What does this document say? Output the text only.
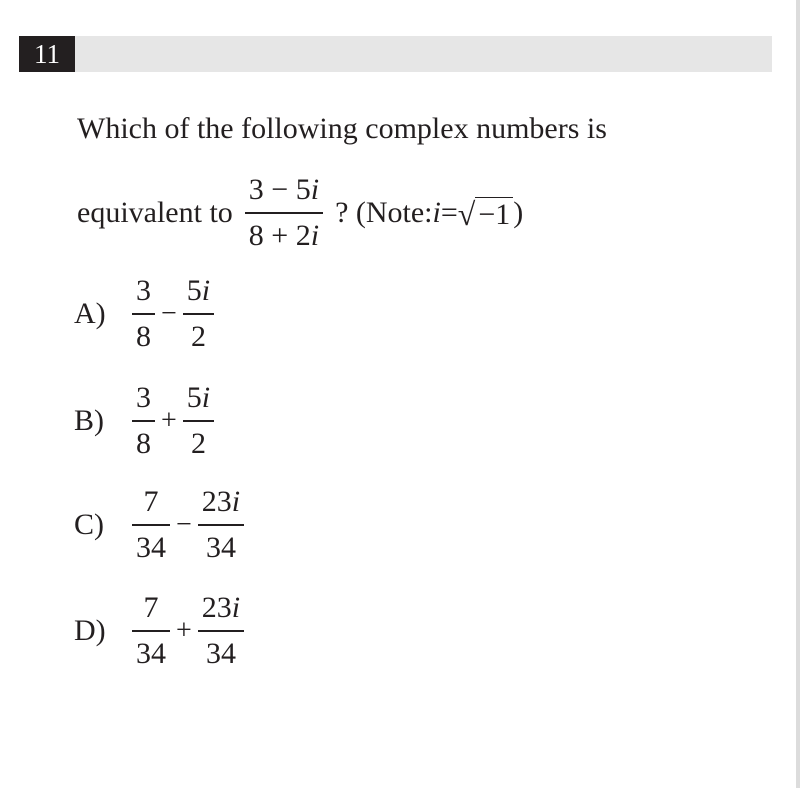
11
Which of the following complex numbers is
equivalent to $\frac{3 - 5i}{8 + 2i}$ ? (Note: i = √ −1 )
$A) \frac{3}{8} - \frac{5i}{2}$
$B) \frac{3}{8} + \frac{5i}{2}$
$C) \frac{7}{34} - \frac{23i}{34}$
$D) \frac{7}{34} + \frac{23i}{34}$
